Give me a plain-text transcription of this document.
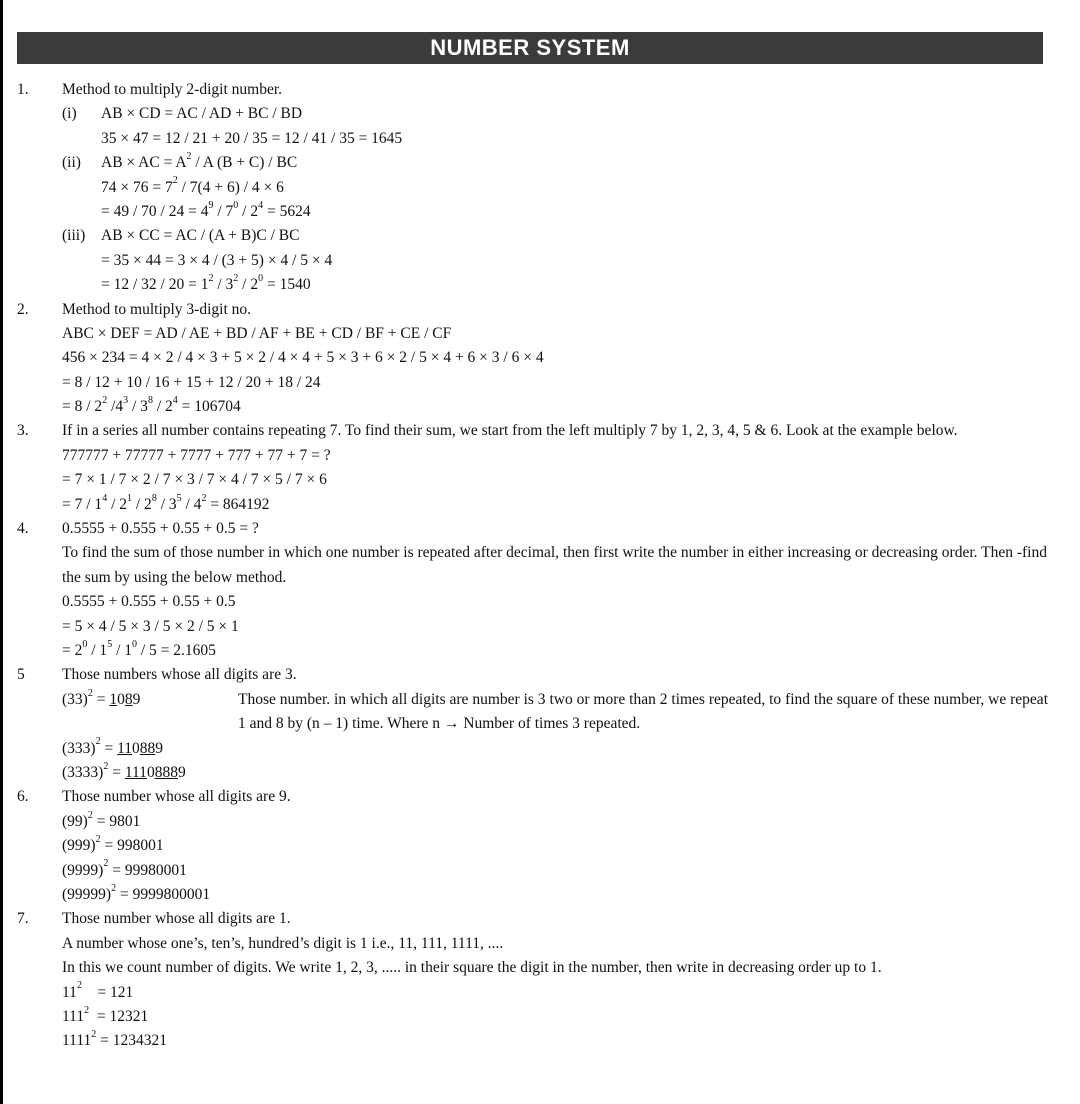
NUMBER SYSTEM
1. Method to multiply 2-digit number.
(i) AB × CD = AC / AD + BC / BD
35 × 47 = 12 / 21 + 20 / 35 = 12 / 41 / 35 = 1645
(ii) AB × AC = $A^2$ / A (B + C) / BC
$74 \times 76 = 7^2 / 7(4 + 6) / 4 \times 6$
= $49 / 70 / 24 = 4^9 / 7^0 / 2^4 = 5624$
(iii) AB × CC = AC / (A + B)C / BC
= 35 × 44 = 3 × 4 / (3 + 5) × 4 / 5 × 4
= $12 / 32 / 20 = 1^2 / 3^2 / 2^0 = 1540$
2. Method to multiply 3-digit no.
ABC × DEF = AD / AE + BD / AF + BE + CD / BF + CE / CF
456 × 234 = 4 × 2 / 4 × 3 + 5 × 2 / 4 × 4 + 5 × 3 + 6 × 2 / 5 × 4 + 6 × 3 / 6 × 4
= 8 / 12 + 10 / 16 + 15 + 12 / 20 + 18 / 24
= $8 / 2^2$ $/4^3 / 3^8 / 2^4 = 106704$
3. If in a series all number contains repeating 7. To find their sum, we start from the left multiply 7 by 1, 2, 3, 4, 5 & 6. Look at the example below.
777777 + 77777 + 7777 + 777 + 77 + 7 = ?
= 7 × 1 / 7 × 2 / 7 × 3 / 7 × 4 / 7 × 5 / 7 × 6
= $7 / 1^4 / 2^1 / 2^8 / 3^5 / 4^2 = 864192$
4. 0.5555 + 0.555 + 0.55 + 0.5 = ?
To find the sum of those number in which one number is repeated after decimal, then first write the number in either increasing or decreasing order. Then -find the sum by using the below method.
0.5555 + 0.555 + 0.55 + 0.5
= 5 × 4 / 5 × 3 / 5 × 2 / 5 × 1
= $2^0 / 1^5 / 1^0 / 5 = 2.1605$
5 Those numbers whose all digits are 3.
$(33)^2 = 1089$	Those number. in which all digits are number is 3 two or more than 2 times repeated, to find the square of these number, we repeat 1 and 8 by (n – 1) time. Where n → Number of times 3 repeated.
$(333)^2 = 110889$
$(3333)^2 = 11108889$
6. Those number whose all digits are 9.
$(99)^2 = 9801$
$(999)^2 = 998001$
$(9999)^2 = 99980001$
$(99999)^2 = 9999800001$
7. Those number whose all digits are 1.
A number whose one’s, ten’s, hundred’s digit is 1 i.e., 11, 111, 1111, ....
In this we count number of digits. We write 1, 2, 3, ..... in their square the digit in the number, then write in decreasing order up to 1.
$11^2$    = 121
$111^2 = 12321$
$1111^2 = 1234321$
